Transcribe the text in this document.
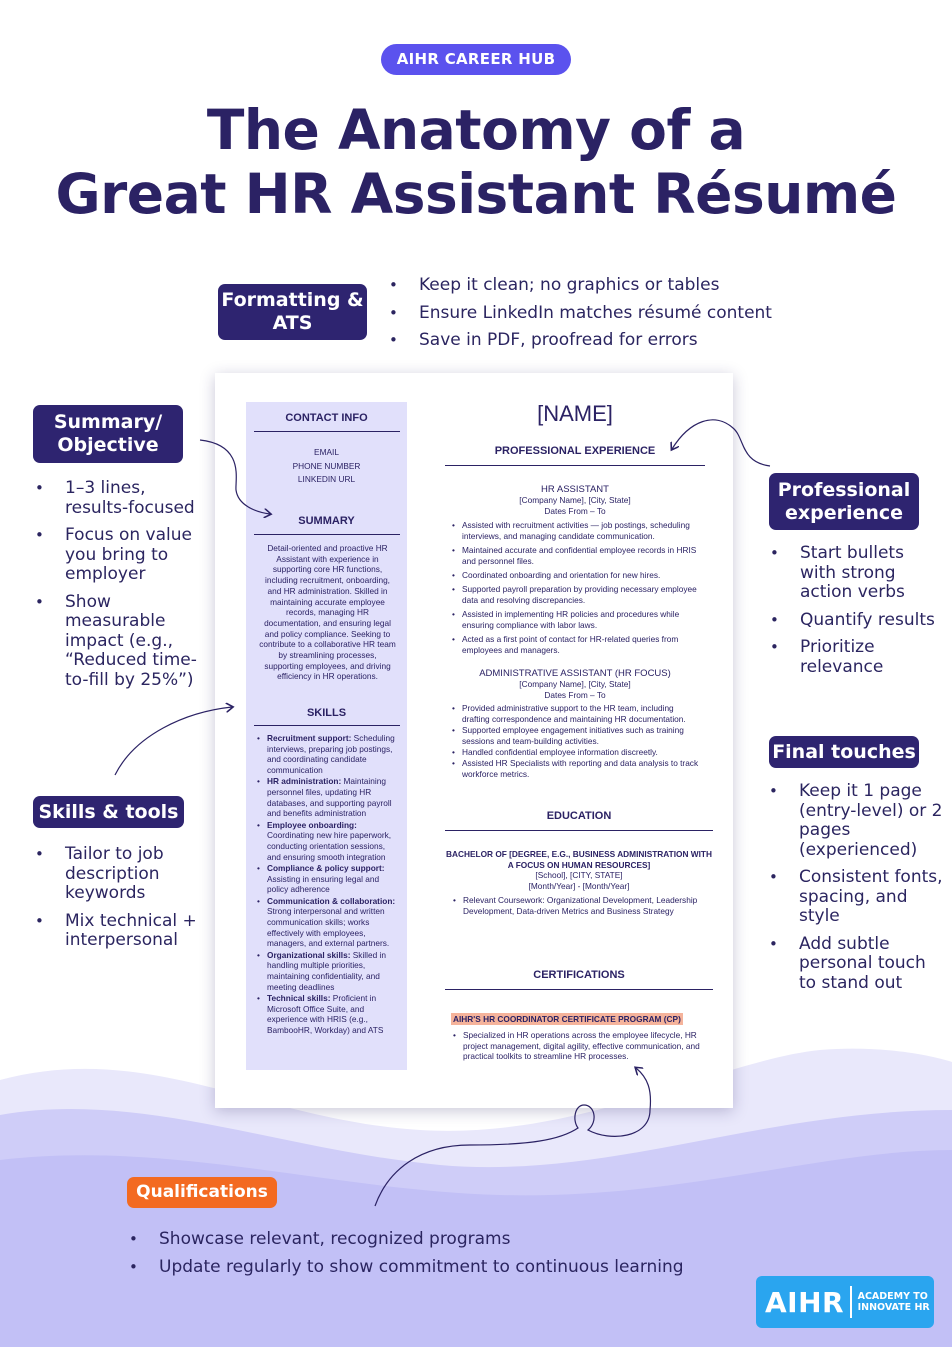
AIHR CAREER HUB
The Anatomy of a
Great HR Assistant Résumé
Formatting & ATS
• Keep it clean; no graphics or tables
• Ensure LinkedIn matches résumé content
• Save in PDF, proofread for errors
Summary/ Objective
• 1–3 lines, results-focused
• Focus on value you bring to employer
• Show measurable impact (e.g., “Reduced time-to-fill by 25%”)
Skills & tools
• Tailor to job description keywords
• Mix technical + interpersonal
Professional experience
• Start bullets with strong action verbs
• Quantify results
• Prioritize relevance
Final touches
• Keep it 1 page (entry-level) or 2 pages (experienced)
• Consistent fonts, spacing, and style
• Add subtle personal touch to stand out
Qualifications
• Showcase relevant, recognized programs
• Update regularly to show commitment to continuous learning
CONTACT INFO
EMAIL
PHONE NUMBER
LINKEDIN URL
SUMMARY
Detail-oriented and proactive HR Assistant with experience in supporting core HR functions, including recruitment, onboarding, and HR administration. Skilled in maintaining accurate employee records, managing HR documentation, and ensuring legal and policy compliance. Seeking to contribute to a collaborative HR team by streamlining processes, supporting employees, and driving efficiency in HR operations.
SKILLS
• Recruitment support: Scheduling interviews, preparing job postings, and coordinating candidate communication
• HR administration: Maintaining personnel files, updating HR databases, and supporting payroll and benefits administration
• Employee onboarding: Coordinating new hire paperwork, conducting orientation sessions, and ensuring smooth integration
• Compliance & policy support: Assisting in ensuring legal and policy adherence
• Communication & collaboration: Strong interpersonal and written communication skills; works effectively with employees, managers, and external partners.
• Organizational skills: Skilled in handling multiple priorities, maintaining confidentiality, and meeting deadlines
• Technical skills: Proficient in Microsoft Office Suite, and experience with HRIS (e.g., BambooHR, Workday) and ATS
[NAME]
PROFESSIONAL EXPERIENCE
HR ASSISTANT
[Company Name], [City, State]
Dates From – To
• Assisted with recruitment activities — job postings, scheduling interviews, and managing candidate communication.
• Maintained accurate and confidential employee records in HRIS and personnel files.
• Coordinated onboarding and orientation for new hires.
• Supported payroll preparation by providing necessary employee data and resolving discrepancies.
• Assisted in implementing HR policies and procedures while ensuring compliance with labor laws.
• Acted as a first point of contact for HR-related queries from employees and managers.
ADMINISTRATIVE ASSISTANT (HR FOCUS)
[Company Name], [City, State]
Dates From – To
• Provided administrative support to the HR team, including drafting correspondence and maintaining HR documentation.
• Supported employee engagement initiatives such as training sessions and team-building activities.
• Handled confidential employee information discreetly.
• Assisted HR Specialists with reporting and data analysis to track workforce metrics.
EDUCATION
BACHELOR OF [DEGREE, E.G., BUSINESS ADMINISTRATION WITH A FOCUS ON HUMAN RESOURCES]
[School], [CITY, STATE]
[Month/Year] - [Month/Year]
• Relevant Coursework: Organizational Development, Leadership Development, Data-driven Metrics and Business Strategy
CERTIFICATIONS
AIHR'S HR COORDINATOR CERTIFICATE PROGRAM (CP)
• Specialized in HR operations across the employee lifecycle, HR project management, digital agility, effective communication, and practical toolkits to streamline HR processes.
AIHR ACADEMY TO
INNOVATE HR
